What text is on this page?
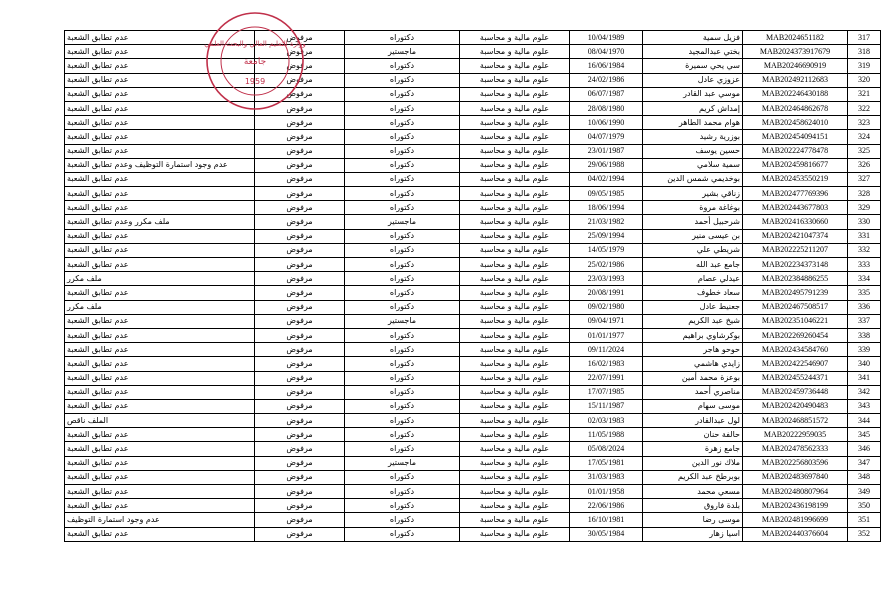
عدم تطابق الشعبة	مرفوض	دكتوراه	علوم مالية و محاسبة	10/04/1989	فزيل سمية	MAB2024651182	317
عدم تطابق الشعبة	مرفوض	ماجستير	علوم مالية و محاسبة	08/04/1970	بختي عبدالمجيد	MAB2024373917679	318
عدم تطابق الشعبة	مرفوض	دكتوراه	علوم مالية و محاسبة	16/06/1984	سي يحي سميرة	MAB20246690919	319
عدم تطابق الشعبة	مرفوض	دكتوراه	علوم مالية و محاسبة	24/02/1986	عزوزي عادل	MAB202492112683	320
عدم تطابق الشعبة	مرفوض	دكتوراه	علوم مالية و محاسبة	06/07/1987	موسي عبد القادر	MAB202246430188	321
عدم تطابق الشعبة	مرفوض	دكتوراه	علوم مالية و محاسبة	28/08/1980	إمداش كريم	MAB202464862678	322
عدم تطابق الشعبة	مرفوض	دكتوراه	علوم مالية و محاسبة	10/06/1990	هوام محمد الطاهر	MAB202458624010	323
عدم تطابق الشعبة	مرفوض	دكتوراه	علوم مالية و محاسبة	04/07/1979	بوزرية رشيد	MAB202454094151	324
عدم تطابق الشعبة	مرفوض	دكتوراه	علوم مالية و محاسبة	23/01/1987	حسين يوسف	MAB202224778478	325
عدم وجود استمارة التوظيف وعدم تطابق الشعبة	مرفوض	دكتوراه	علوم مالية و محاسبة	29/06/1988	سمية سلامي	MAB202459816677	326
عدم تطابق الشعبة	مرفوض	دكتوراه	علوم مالية و محاسبة	04/02/1994	بوخديمي شمس الدين	MAB202453550219	327
عدم تطابق الشعبة	مرفوض	دكتوراه	علوم مالية و محاسبة	09/05/1985	زناقي بشير	MAB202477769396	328
عدم تطابق الشعبة	مرفوض	دكتوراه	علوم مالية و محاسبة	18/06/1994	بوغاغة مروة	MAB202443677803	329
ملف مكرر وعدم تطابق الشعبة	مرفوض	ماجستير	علوم مالية و محاسبة	21/03/1982	شرحبيل أحمد	MAB202416330660	330
عدم تطابق الشعبة	مرفوض	دكتوراه	علوم مالية و محاسبة	25/09/1994	بن عيسى منير	MAB202421047374	331
عدم تطابق الشعبة	مرفوض	دكتوراه	علوم مالية و محاسبة	14/05/1979	شريطي علي	MAB202225211207	332
عدم تطابق الشعبة	مرفوض	دكتوراه	علوم مالية و محاسبة	25/02/1986	جامع عبد الله	MAB202234373148	333
ملف مكرر	مرفوض	دكتوراه	علوم مالية و محاسبة	23/03/1993	عيدلي عصام	MAB202384886255	334
عدم تطابق الشعبة	مرفوض	دكتوراه	علوم مالية و محاسبة	20/08/1991	سعاد خطوف	MAB202495791239	335
ملف مكرر	مرفوض	دكتوراه	علوم مالية و محاسبة	09/02/1980	جعنيط عادل	MAB202467508517	336
عدم تطابق الشعبة	مرفوض	ماجستير	علوم مالية و محاسبة	09/04/1971	شيخ عبد الكريم	MAB202351046221	337
عدم تطابق الشعبة	مرفوض	دكتوراه	علوم مالية و محاسبة	01/01/1977	بوكرشاوي براهيم	MAB202269260454	338
عدم تطابق الشعبة	مرفوض	دكتوراه	علوم مالية و محاسبة	09/11/2024	حوحو هاجر	MAB202434584760	339
عدم تطابق الشعبة	مرفوض	دكتوراه	علوم مالية و محاسبة	16/02/1983	زايدي هاشمي	MAB202422546907	340
عدم تطابق الشعبة	مرفوض	دكتوراه	علوم مالية و محاسبة	22/07/1991	بوعزة محمد أمين	MAB202455244371	341
عدم تطابق الشعبة	مرفوض	دكتوراه	علوم مالية و محاسبة	17/07/1985	مناصري أحمد	MAB202459736448	342
عدم تطابق الشعبة	مرفوض	دكتوراه	علوم مالية و محاسبة	15/11/1987	موسى سهام	MAB202420490483	343
الملف ناقص	مرفوض	دكتوراه	علوم مالية و محاسبة	02/03/1983	لول عبدالقادر	MAB202468851572	344
عدم تطابق الشعبة	مرفوض	دكتوراه	علوم مالية و محاسبة	11/05/1988	حالفة حنان	MAB20222959035	345
عدم تطابق الشعبة	مرفوض	دكتوراه	علوم مالية و محاسبة	05/08/2024	جامع زهرة	MAB202478562333	346
عدم تطابق الشعبة	مرفوض	ماجستير	علوم مالية و محاسبة	17/05/1981	ملاك نور الدين	MAB202256803596	347
عدم تطابق الشعبة	مرفوض	دكتوراه	علوم مالية و محاسبة	31/03/1983	بوبرطخ عبد الكريم	MAB202483697840	348
عدم تطابق الشعبة	مرفوض	دكتوراه	علوم مالية و محاسبة	01/01/1958	مسعي محمد	MAB202480807964	349
عدم تطابق الشعبة	مرفوض	دكتوراه	علوم مالية و محاسبة	22/06/1986	بلدة فاروق	MAB202436198199	350
عدم وجود استمارة التوظيف	مرفوض	دكتوراه	علوم مالية و محاسبة	16/10/1981	موسى رضا	MAB202481996699	351
عدم تطابق الشعبة	مرفوض	دكتوراه	علوم مالية و محاسبة	30/05/1984	اسيا زهار	MAB202440376604	352
وزارة التعليم العالي والبحث العلمي
جامعة
1959
